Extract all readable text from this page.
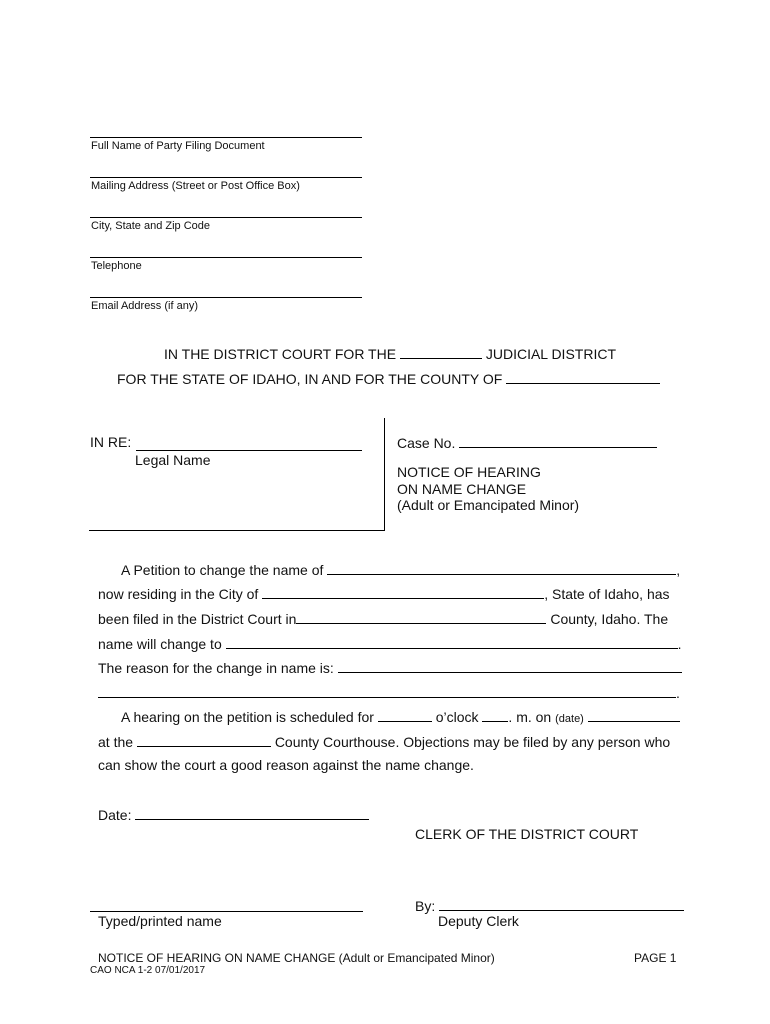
Full Name of Party Filing Document
Mailing Address (Street or Post Office Box)
City, State and Zip Code
Telephone
Email Address (if any)
IN THE DISTRICT COURT FOR THE	JUDICIAL DISTRICT
FOR THE STATE OF IDAHO, IN AND FOR THE COUNTY OF
IN RE:
Legal Name
Case No.
NOTICE OF HEARING
ON NAME CHANGE
(Adult or Emancipated Minor)
A Petition to change the name of	,
now residing in the City of	, State of Idaho, has
been filed in the District Court in	County, Idaho. The
name will change to	.
The reason for the change in name is:
.
A hearing on the petition is scheduled for	o’clock . m. on (date)
at the	County Courthouse. Objections may be filed by any person who
can show the court a good reason against the name change.
Date:
CLERK OF THE DISTRICT COURT
By:
Deputy Clerk
Typed/printed name
NOTICE OF HEARING ON NAME CHANGE (Adult or Emancipated Minor)	PAGE 1
CAO NCA 1-2 07/01/2017
